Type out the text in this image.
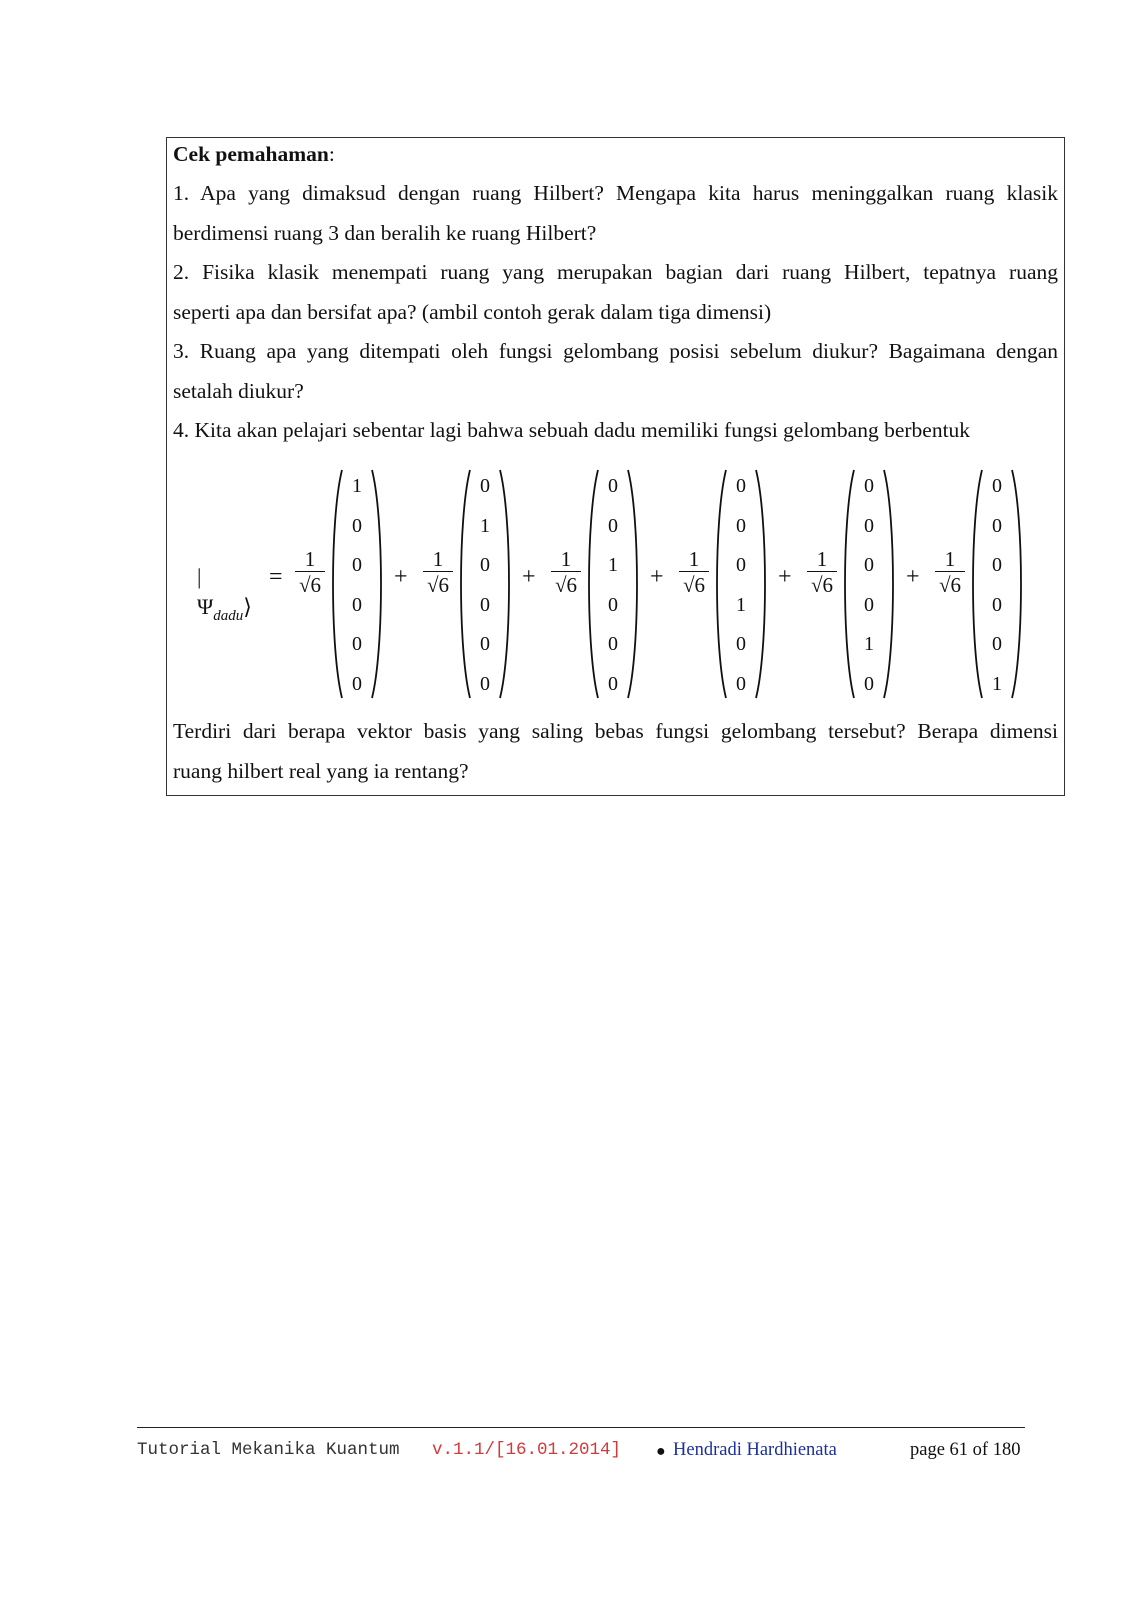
Cek pemahaman:
1. Apa yang dimaksud dengan ruang Hilbert? Mengapa kita harus meninggalkan ruang klasik
berdimensi ruang 3 dan beralih ke ruang Hilbert?
2. Fisika klasik menempati ruang yang merupakan bagian dari ruang Hilbert, tepatnya ruang
seperti apa dan bersifat apa? (ambil contoh gerak dalam tiga dimensi)
3. Ruang apa yang ditempati oleh fungsi gelombang posisi sebelum diukur? Bagaimana dengan
setalah diukur?
4. Kita akan pelajari sebentar lagi bahwa sebuah dadu memiliki fungsi gelombang berbentuk
$|\Psi_{dadu}⟩$
=
1
√6
1
0
0
0
0
0
+
1
√6
0
1
0
0
0
0
+
1
√6
0
0
1
0
0
0
+
1
√6
0
0
0
1
0
0
+
1
√6
0
0
0
0
1
0
+
1
√6
0
0
0
0
0
1
Terdiri dari berapa vektor basis yang saling bebas fungsi gelombang tersebut? Berapa dimensi
ruang hilbert real yang ia rentang?
Tutorial Mekanika Kuantum v.1.1/[16.01.2014] ● Hendradi Hardhienata	page 61 of 180
